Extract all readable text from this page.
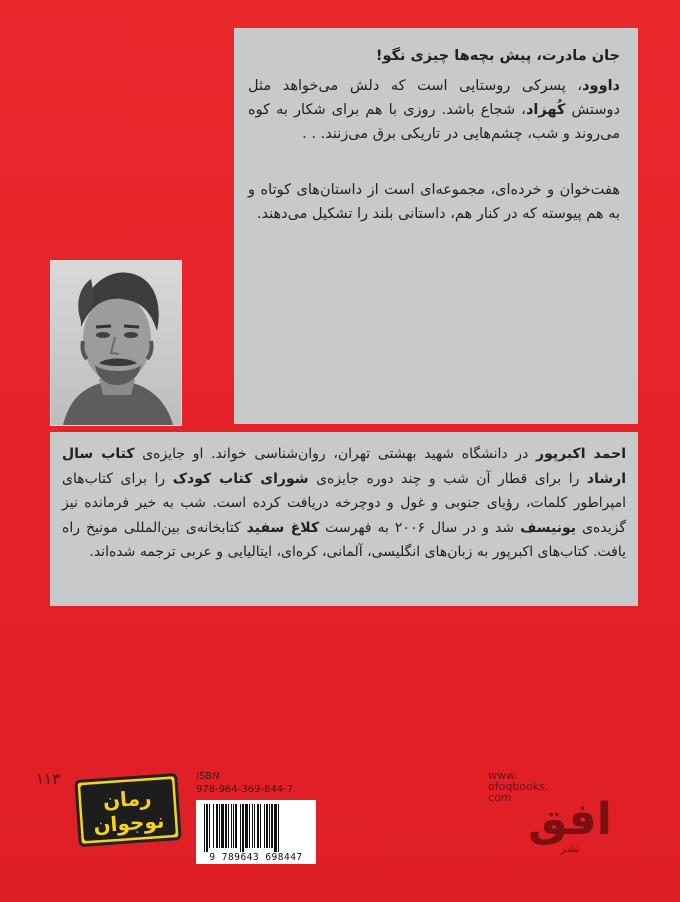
جان مادرت، پیش بچه‌ها چیزی نگو!

داوود، پسرکی روستایی است که دلش می‌خواهد مثل دوستش کُهزاد، شجاع باشد. روزی با هم برای شکار به کوه می‌روند و شب، چشم‌هایی در تاریکی برق می‌زنند. . .

هفت‌خوان و خرده‌ای، مجموعه‌ای است از داستان‌های کوتاه و به هم پیوسته که در کنار هم، داستانی بلند را تشکیل می‌دهند.

احمد اکبرپور در دانشگاه شهید بهشتی تهران، روان‌شناسی خواند. او جایزه‌ی کتاب سال ارشاد را برای قطار آن شب و چند دوره جایزه‌ی شورای کتاب کودک را برای کتاب‌های امپراطور کلمات، رؤیای جنوبی و غول و دوچرخه دریافت کرده است. شب به خیر فرمانده نیز گزیده‌ی یونیسف شد و در سال ۲۰۰۶ به فهرست کلاغ سفید کتابخانه‌ی بین‌المللی مونیخ راه یافت. کتاب‌های اکبرپور به زبان‌های انگلیسی، آلمانی، کره‌ای، ایتالیایی و عربی ترجمه شده‌اند.

۱۱۳
رمان
نوجوان
ISBN
978-964-369-844-7
9 789643 698447
www.
ofoqbooks.
com افق
نشر
